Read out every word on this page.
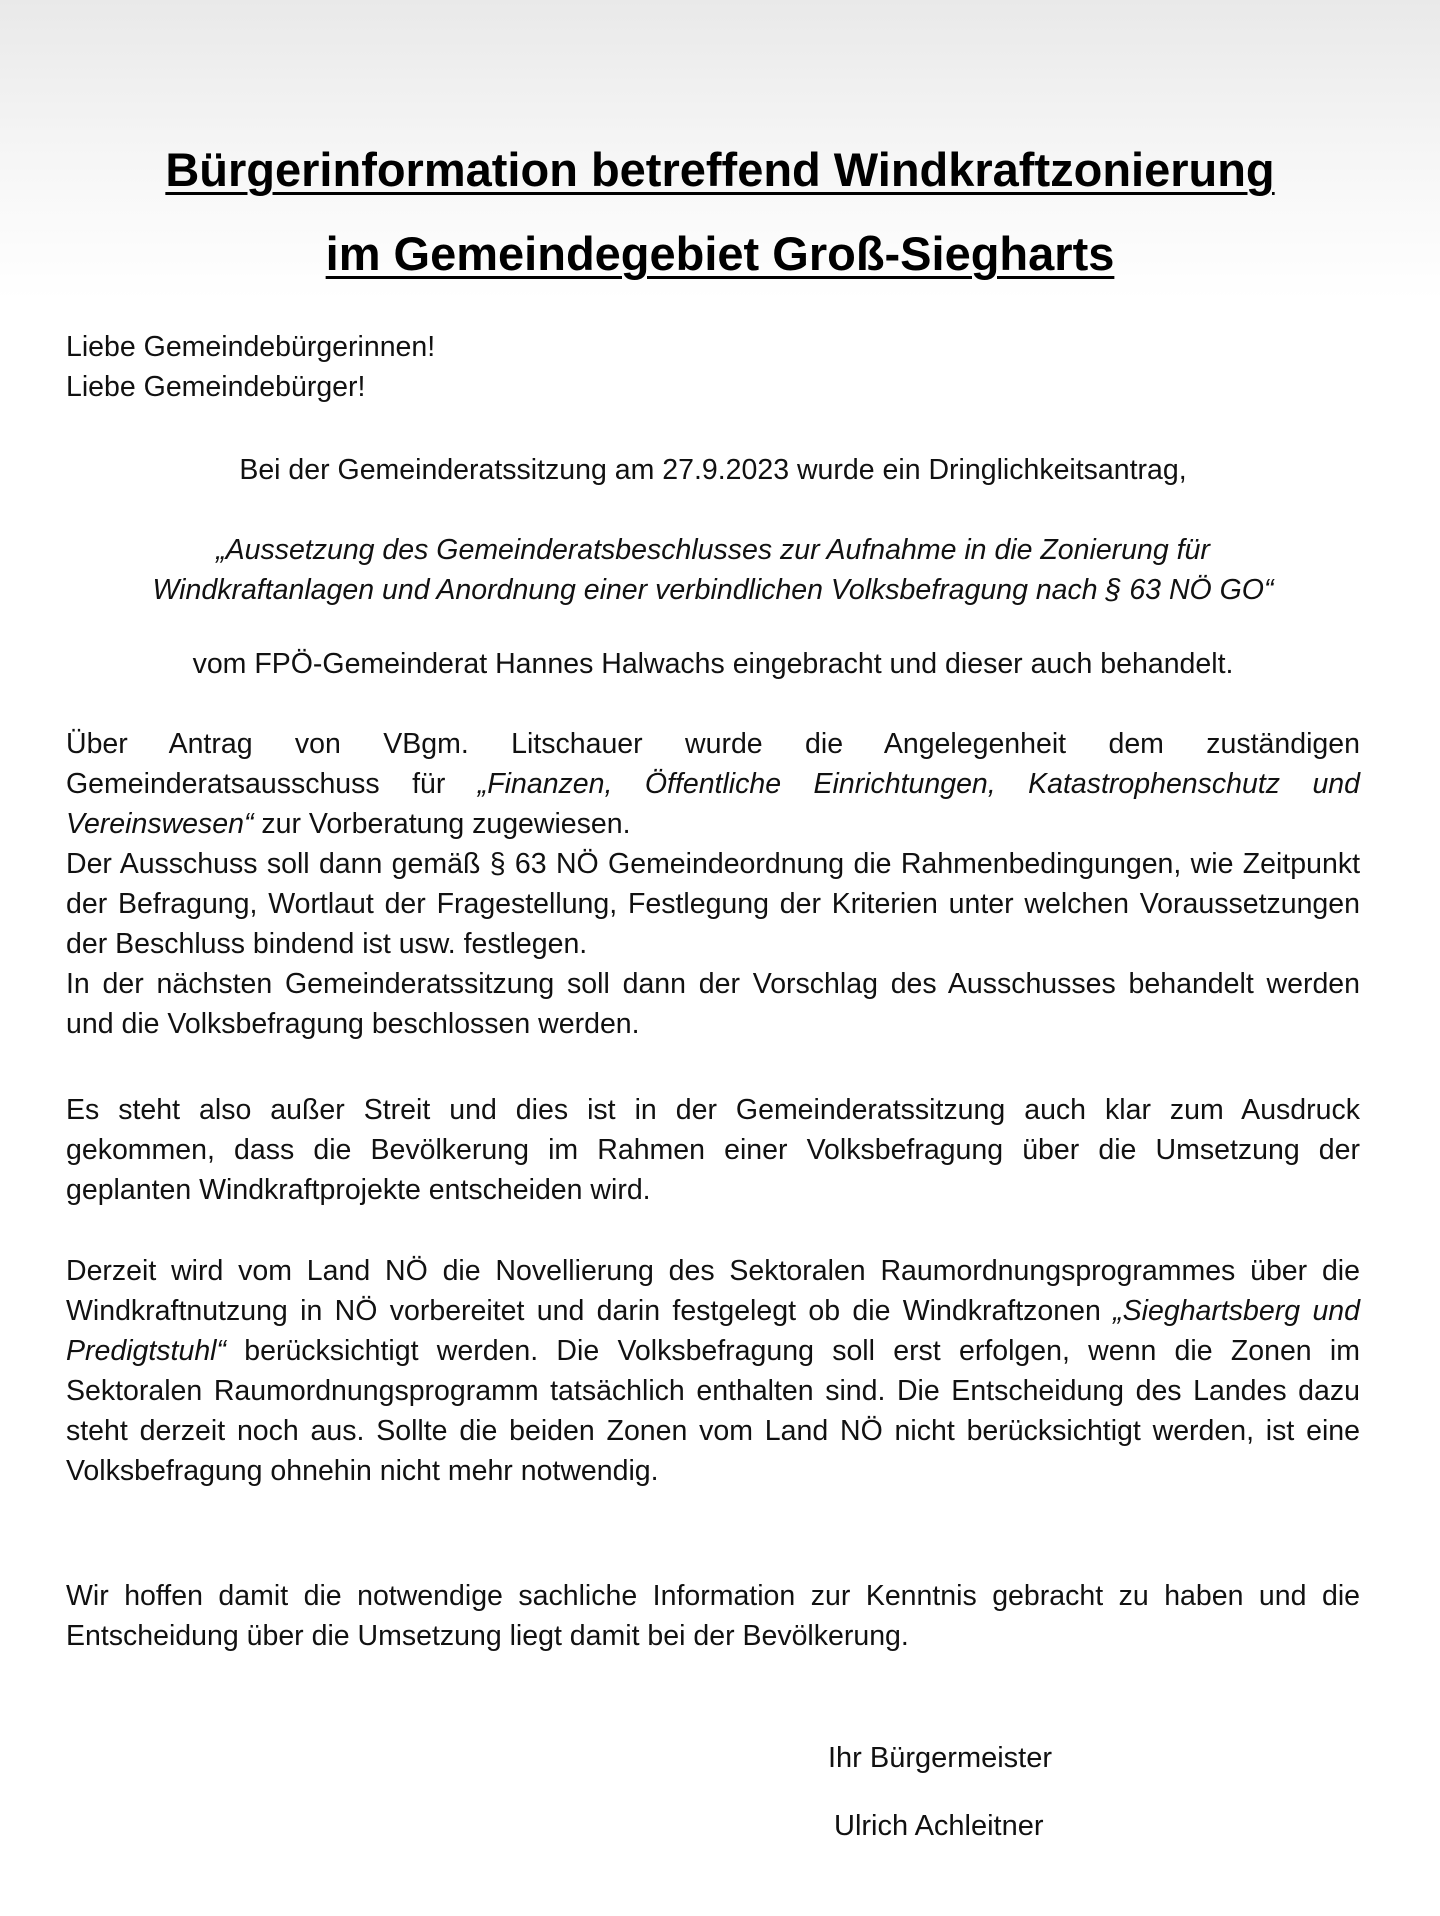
Bürgerinformation betreffend Windkraftzonierung
im Gemeindegebiet Groß-Siegharts

Liebe Gemeindebürgerinnen!

Liebe Gemeindebürger!

Bei der Gemeinderatssitzung am 27.9.2023 wurde ein Dringlichkeitsantrag,

„Aussetzung des Gemeinderatsbeschlusses zur Aufnahme in die Zonierung für

Windkraftanlagen und Anordnung einer verbindlichen Volksbefragung nach § 63 NÖ GO“

vom FPÖ-Gemeinderat Hannes Halwachs eingebracht und dieser auch behandelt.

Über Antrag von VBgm. Litschauer wurde die Angelegenheit dem zuständigen Gemeinderatsausschuss für „Finanzen, Öffentliche Einrichtungen, Katastrophenschutz und Vereinswesen“ zur Vorberatung zugewiesen.

Der Ausschuss soll dann gemäß § 63 NÖ Gemeindeordnung die Rahmenbedingungen, wie Zeitpunkt der Befragung, Wortlaut der Fragestellung, Festlegung der Kriterien unter welchen Voraussetzungen der Beschluss bindend ist usw. festlegen.

In der nächsten Gemeinderatssitzung soll dann der Vorschlag des Ausschusses behandelt werden und die Volksbefragung beschlossen werden.

Es steht also außer Streit und dies ist in der Gemeinderatssitzung auch klar zum Ausdruck gekommen, dass die Bevölkerung im Rahmen einer Volksbefragung über die Umsetzung der geplanten Windkraftprojekte entscheiden wird.

Derzeit wird vom Land NÖ die Novellierung des Sektoralen Raumordnungsprogrammes über die Windkraftnutzung in NÖ vorbereitet und darin festgelegt ob die Windkraftzonen „Sieghartsberg und Predigtstuhl“ berücksichtigt werden. Die Volksbefragung soll erst erfolgen, wenn die Zonen im Sektoralen Raumordnungsprogramm tatsächlich enthalten sind. Die Entscheidung des Landes dazu steht derzeit noch aus. Sollte die beiden Zonen vom Land NÖ nicht berücksichtigt werden, ist eine Volksbefragung ohnehin nicht mehr notwendig.

Wir hoffen damit die notwendige sachliche Information zur Kenntnis gebracht zu haben und die Entscheidung über die Umsetzung liegt damit bei der Bevölkerung.
Ihr Bürgermeister
Ulrich Achleitner
